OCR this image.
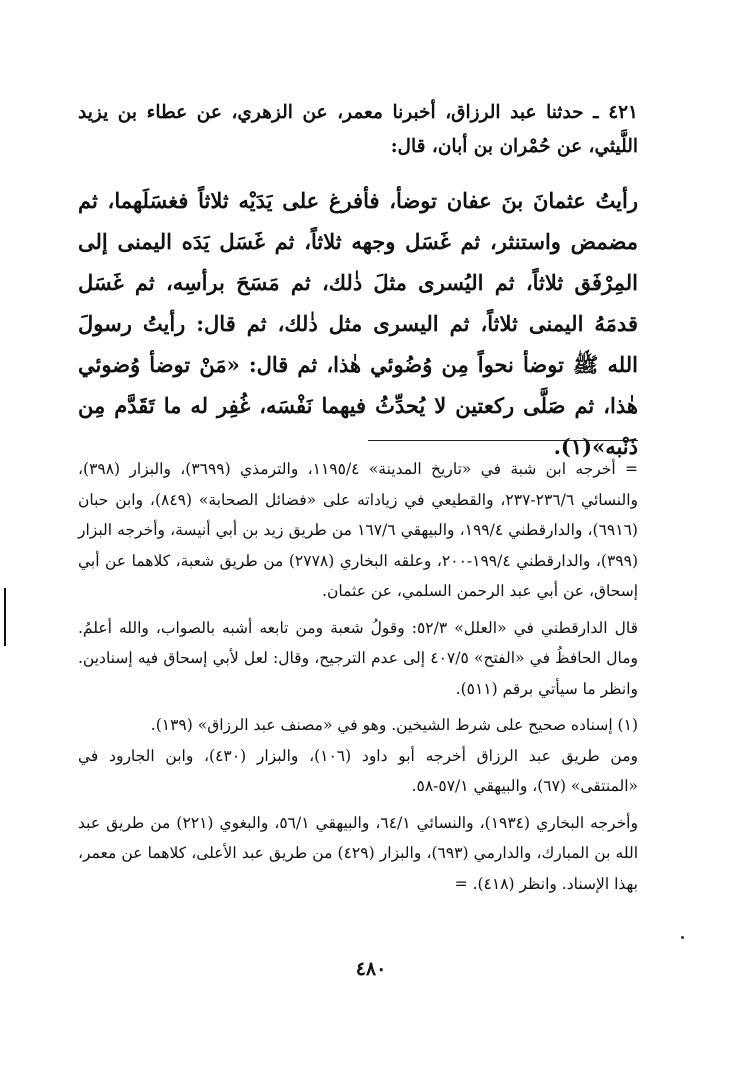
٤٢١ ـ حدثنا عبد الرزاق، أخبرنا معمر، عن الزهري، عن عطاء بن يزيد اللَّيثي، عن حُمْران بن أبان، قال:

رأيتُ عثمانَ بنَ عفان توضأ، فأفرغ على يَدَيْه ثلاثاً فغسَلَهما، ثم مضمض واستنثر، ثم غَسَل وجهه ثلاثاً، ثم غَسَل يَدَه اليمنى إلى المِرْفَق ثلاثاً، ثم اليُسرى مثلَ ذٰلك، ثم مَسَحَ برأسِه، ثم غَسَل قدمَهُ اليمنى ثلاثاً، ثم اليسرى مثل ذٰلك، ثم قال: رأيتُ رسولَ الله ﷺ توضأ نحواً مِن وُضُوئي هٰذا، ثم قال: «مَنْ توضأ وُضوئي هٰذا، ثم صَلَّى ركعتين لا يُحدِّثُ فيهما نَفْسَه، غُفِر له ما تَقَدَّم مِن ذَنْبه»(١).

= أخرجه ابن شبة في «تاريخ المدينة» ١١٩٥/٤، والترمذي (٣٦٩٩)، والبزار (٣٩٨)، والنسائي ٢٣٦/٦-٢٣٧، والقطيعي في زياداته على «فضائل الصحابة» (٨٤٩)، وابن حبان (٦٩١٦)، والدارقطني ١٩٩/٤، والبيهقي ١٦٧/٦ من طريق زيد بن أبي أنيسة، وأخرجه البزار (٣٩٩)، والدارقطني ١٩٩/٤-٢٠٠، وعلقه البخاري (٢٧٧٨) من طريق شعبة، كلاهما عن أبي إسحاق، عن أبي عبد الرحمن السلمي، عن عثمان.

قال الدارقطني في «العلل» ٥٢/٣: وقولُ شعبة ومن تابعه أشبه بالصواب، والله أعلمُ. ومال الحافظُ في «الفتح» ٤٠٧/٥ إلى عدم الترجيح، وقال: لعل لأبي إسحاق فيه إسنادين. وانظر ما سيأتي برقم (٥١١).

(١) إسناده صحيح على شرط الشيخين. وهو في «مصنف عبد الرزاق» (١٣٩).

ومن طريق عبد الرزاق أخرجه أبو داود (١٠٦)، والبزار (٤٣٠)، وابن الجارود في «المنتقى» (٦٧)، والبيهقي ٥٧/١-٥٨.

وأخرجه البخاري (١٩٣٤)، والنسائي ٦٤/١، والبيهقي ٥٦/١، والبغوي (٢٢١) من طريق عبد الله بن المبارك، والدارمي (٦٩٣)، والبزار (٤٢٩) من طريق عبد الأعلى، كلاهما عن معمر، بهذا الإسناد. وانظر (٤١٨). =

٤٨٠
